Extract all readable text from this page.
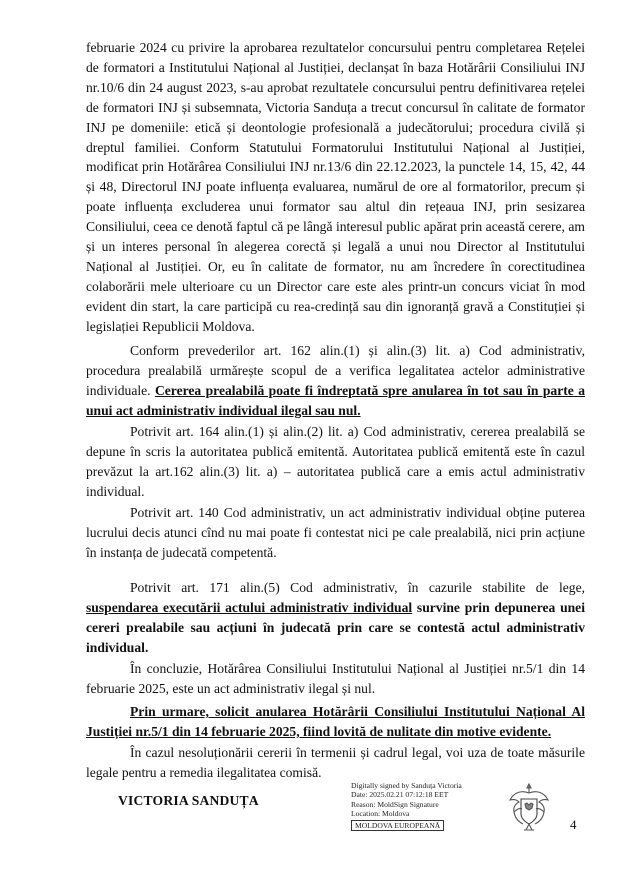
februarie 2024 cu privire la aprobarea rezultatelor concursului pentru completarea Rețelei de formatori a Institutului Național al Justiției, declanșat în baza Hotărârii Consiliului INJ nr.10/6 din 24 august 2023, s-au aprobat rezultatele concursului pentru definitivarea rețelei de formatori INJ și subsemnata, Victoria Sanduța a trecut concursul în calitate de formator INJ pe domeniile: etică și deontologie profesională a judecătorului; procedura civilă și dreptul familiei. Conform Statutului Formatorului Institutului Național al Justiției, modificat prin Hotărârea Consiliului INJ nr.13/6 din 22.12.2023, la punctele 14, 15, 42, 44 și 48, Directorul INJ poate influența evaluarea, numărul de ore al formatorilor, precum și poate influența excluderea unui formator sau altul din rețeaua INJ, prin sesizarea Consiliului, ceea ce denotă faptul că pe lângă interesul public apărat prin această cerere, am și un interes personal în alegerea corectă și legală a unui nou Director al Institutului Național al Justiției. Or, eu în calitate de formator, nu am încredere în corectitudinea colaborării mele ulterioare cu un Director care este ales printr-un concurs viciat în mod evident din start, la care participă cu rea-credință sau din ignoranță gravă a Constituției și legislației Republicii Moldova.

Conform prevederilor art. 162 alin.(1) și alin.(3) lit. a) Cod administrativ, procedura prealabilă urmărește scopul de a verifica legalitatea actelor administrative individuale. Cererea prealabilă poate fi îndreptată spre anularea în tot sau în parte a unui act administrativ individual ilegal sau nul.

Potrivit art. 164 alin.(1) și alin.(2) lit. a) Cod administrativ, cererea prealabilă se depune în scris la autoritatea publică emitentă. Autoritatea publică emitentă este în cazul prevăzut la art.162 alin.(3) lit. a) – autoritatea publică care a emis actul administrativ individual.

Potrivit art. 140 Cod administrativ, un act administrativ individual obține puterea lucrului decis atunci cînd nu mai poate fi contestat nici pe cale prealabilă, nici prin acțiune în instanța de judecată competentă.

Potrivit art. 171 alin.(5) Cod administrativ, în cazurile stabilite de lege, suspendarea executării actului administrativ individual survine prin depunerea unei cereri prealabile sau acțiuni în judecată prin care se contestă actul administrativ individual.

În concluzie, Hotărârea Consiliului Institutului Național al Justiției nr.5/1 din 14 februarie 2025, este un act administrativ ilegal și nul.

Prin urmare, solicit anularea Hotărârii Consiliului Institutului Național Al Justiției nr.5/1 din 14 februarie 2025, fiind lovită de nulitate din motive evidente.

În cazul nesoluționării cererii în termenii și cadrul legal, voi uza de toate măsurile legale pentru a remedia ilegalitatea comisă.

VICTORIA SANDUȚA
Digitally signed by Sanduța Victoria
Date: 2025.02.21 07:12:18 EET
Reason: MoldSign Signature
Location: Moldova
MOLDOVA EUROPEANĂ	4
